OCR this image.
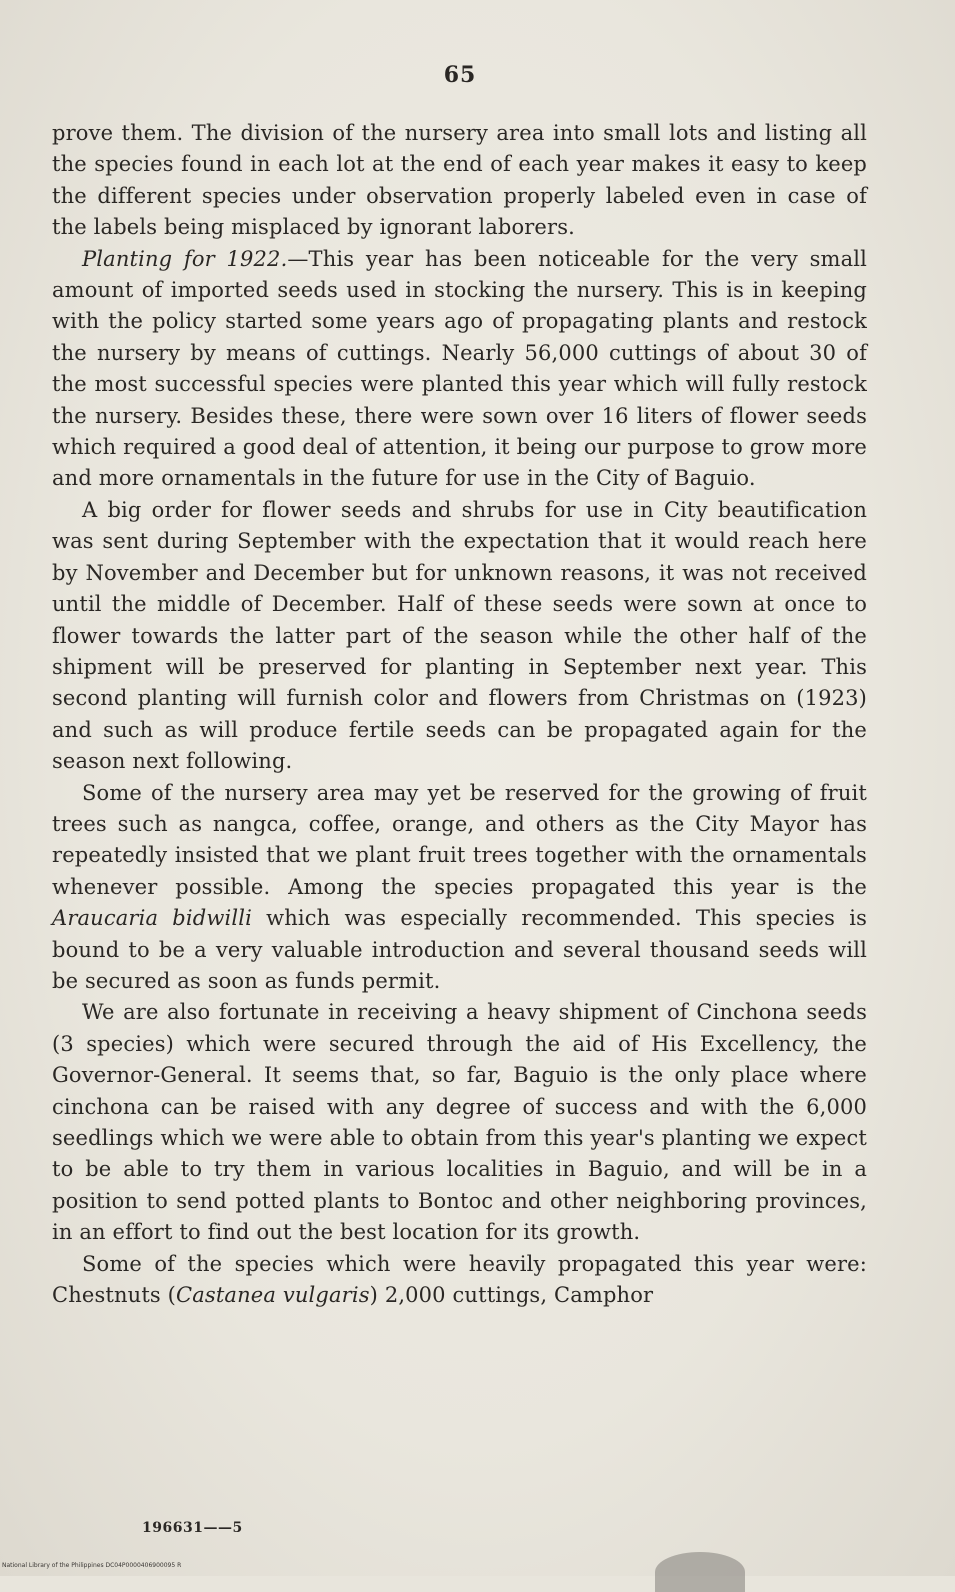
65

prove them. The division of the nursery area into small lots and listing all the species found in each lot at the end of each year makes it easy to keep the different species under observation properly labeled even in case of the labels being misplaced by ignorant laborers.

Planting for 1922.—This year has been noticeable for the very small amount of imported seeds used in stocking the nursery. This is in keeping with the policy started some years ago of propagating plants and restock the nursery by means of cuttings. Nearly 56,000 cuttings of about 30 of the most successful species were planted this year which will fully restock the nursery. Besides these, there were sown over 16 liters of flower seeds which required a good deal of attention, it being our purpose to grow more and more ornamentals in the future for use in the City of Baguio.

A big order for flower seeds and shrubs for use in City beautification was sent during September with the expectation that it would reach here by November and December but for unknown reasons, it was not received until the middle of December. Half of these seeds were sown at once to flower towards the latter part of the season while the other half of the shipment will be preserved for planting in September next year. This second planting will furnish color and flowers from Christmas on (1923) and such as will produce fertile seeds can be propagated again for the season next following.

Some of the nursery area may yet be reserved for the growing of fruit trees such as nangca, coffee, orange, and others as the City Mayor has repeatedly insisted that we plant fruit trees together with the ornamentals whenever possible. Among the species propagated this year is the Araucaria bidwilli which was especially recommended. This species is bound to be a very valuable introduction and several thousand seeds will be secured as soon as funds permit.

We are also fortunate in receiving a heavy shipment of Cinchona seeds (3 species) which were secured through the aid of His Excellency, the Governor-General. It seems that, so far, Baguio is the only place where cinchona can be raised with any degree of success and with the 6,000 seedlings which we were able to obtain from this year's planting we expect to be able to try them in various localities in Baguio, and will be in a position to send potted plants to Bontoc and other neighboring provinces, in an effort to find out the best location for its growth.

Some of the species which were heavily propagated this year were: Chestnuts (Castanea vulgaris) 2,000 cuttings, Camphor

196631——5
National Library of the Philippines DC04P0000406900095 R
